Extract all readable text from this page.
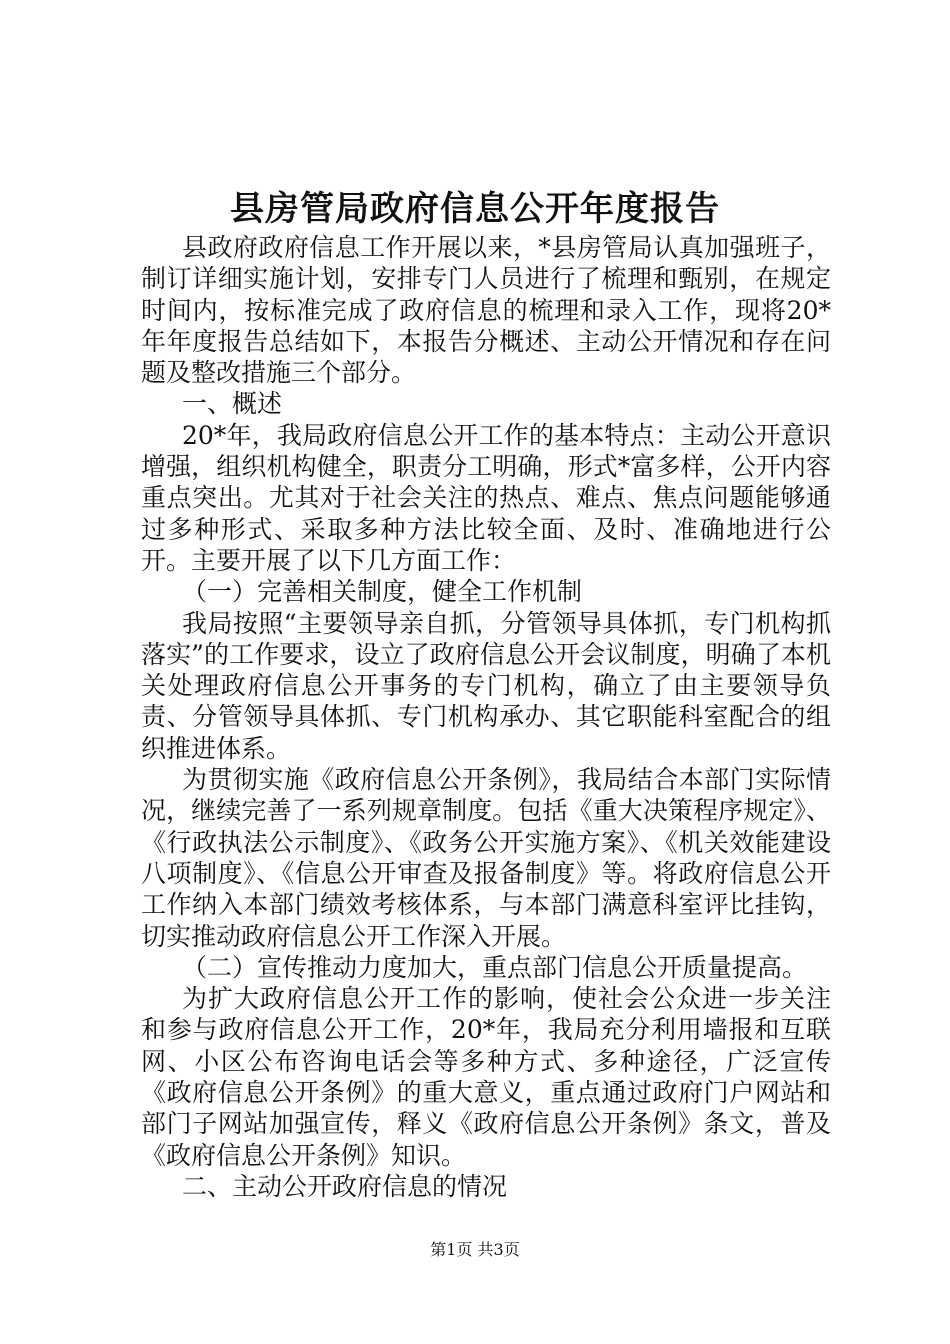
县房管局政府信息公开年度报告

县政府政府信息工作开展以来，*县房管局认真加强班子，制订详细实施计划，安排专门人员进行了梳理和甄别，在规定时间内，按标准完成了政府信息的梳理和录入工作，现将20*年年度报告总结如下，本报告分概述、主动公开情况和存在问题及整改措施三个部分。

一、概述

20*年，我局政府信息公开工作的基本特点：主动公开意识增强，组织机构健全，职责分工明确，形式*富多样，公开内容重点突出。尤其对于社会关注的热点、难点、焦点问题能够通过多种形式、采取多种方法比较全面、及时、准确地进行公开。主要开展了以下几方面工作：

（一）完善相关制度，健全工作机制

我局按照“主要领导亲自抓，分管领导具体抓，专门机构抓落实”的工作要求，设立了政府信息公开会议制度，明确了本机关处理政府信息公开事务的专门机构，确立了由主要领导负责、分管领导具体抓、专门机构承办、其它职能科室配合的组织推进体系。

为贯彻实施《政府信息公开条例》，我局结合本部门实际情况，继续完善了一系列规章制度。包括《重大决策程序规定》、《行政执法公示制度》、《政务公开实施方案》、《机关效能建设八项制度》、《信息公开审查及报备制度》等。将政府信息公开工作纳入本部门绩效考核体系，与本部门满意科室评比挂钩，切实推动政府信息公开工作深入开展。

（二）宣传推动力度加大，重点部门信息公开质量提高。

为扩大政府信息公开工作的影响，使社会公众进一步关注和参与政府信息公开工作，20*年，我局充分利用墙报和互联网、小区公布咨询电话会等多种方式、多种途径，广泛宣传《政府信息公开条例》的重大意义，重点通过政府门户网站和部门子网站加强宣传，释义《政府信息公开条例》条文，普及《政府信息公开条例》知识。

二、主动公开政府信息的情况

第1页 共3页
